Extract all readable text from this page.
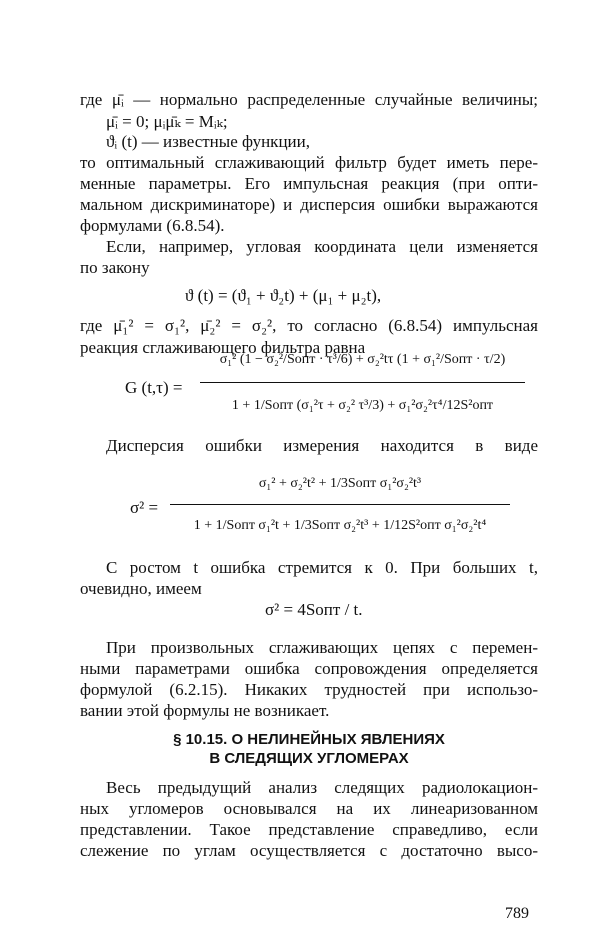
где μ̄ᵢ — нормально распределенные случайные величины;
μ̄ᵢ = 0; μᵢμ̄ₖ = Mᵢₖ;
ϑᵢ (t) — известные функции,
то оптимальный сглаживающий фильтр будет иметь пере-
менные параметры. Его импульсная реакция (при опти-
мальном дискриминаторе) и дисперсия ошибки выражаются
формулами (6.8.54).
Если, например, угловая координата цели изменяется
по закону
ϑ (t) = (ϑ₁ + ϑ₂t) + (μ₁ + μ₂t),
где μ̄₁² = σ₁², μ̄₂² = σ₂², то согласно (6.8.54) импульсная
реакция сглаживающего фильтра равна
G (t,τ) =
σ₁² (1 − σ₂²/Sопт · τ³/6) + σ₂²tτ (1 + σ₁²/Sопт · τ/2)
1 + 1/Sопт (σ₁²τ + σ₂² τ³/3) + σ₁²σ₂²τ⁴/12S²опт
Дисперсия ошибки измерения находится в виде
σ² =
σ₁² + σ₂²t² + 1/3Sопт σ₁²σ₂²t³
1 + 1/Sопт σ₁²t + 1/3Sопт σ₂²t³ + 1/12S²опт σ₁²σ₂²t⁴
С ростом t ошибка стремится к 0. При больших t,
очевидно, имеем
σ² = 4Sопт / t.
При произвольных сглаживающих цепях с перемен-
ными параметрами ошибка сопровождения определяется
формулой (6.2.15). Никаких трудностей при использо-
вании этой формулы не возникает.
§ 10.15. О НЕЛИНЕЙНЫХ ЯВЛЕНИЯХ
В СЛЕДЯЩИХ УГЛОМЕРАХ
Весь предыдущий анализ следящих радиолокацион-
ных угломеров основывался на их линеаризованном
представлении. Такое представление справедливо, если
слежение по углам осуществляется с достаточно высо-
789
